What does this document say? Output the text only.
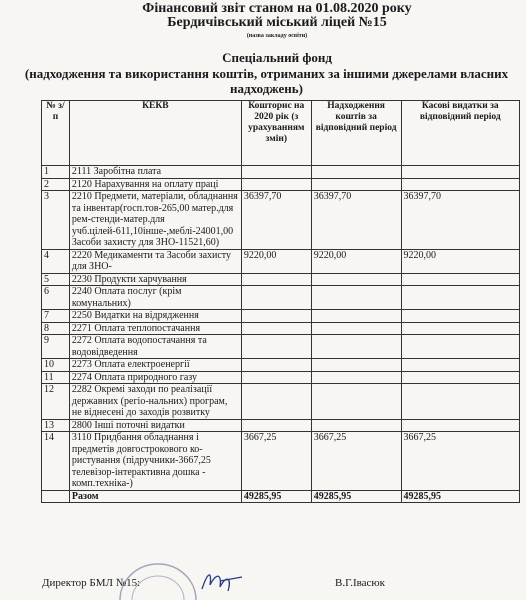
Фінансовий звіт станом на 01.08.2020 року
Бердичівський міський ліцей №15
(назва закладу освіти)
Спеціальний фонд
(надходження та використання коштів, отриманих за іншими джерелами власних надходжень)
№ з/п	КЕКВ	Кошторис на 2020 рік (з урахуванням змін)	Надходження коштів за відповідний період	Касові видатки за відповідний період
1	2111 Заробітна плата			
2	2120 Нарахування на оплату праці			
3	2210 Предмети, матеріали, обладнання та інвентар(госп.тов-265,00 матер.для рем-стенди-матер.для учб.цілей-611,10інше-,меблі-24001,00 Засоби захисту для ЗНО-11521,60)	36397,70	36397,70	36397,70
4	2220 Медикаменти та Засоби захисту для ЗНО-	9220,00	9220,00	9220,00
5	2230 Продукти харчування			
6	2240 Оплата послуг (крім комунальних)			
7	2250 Видатки на відрядження			
8	2271 Оплата теплопостачання			
9	2272 Оплата водопостачання та водовідведення			
10	2273 Оплата електроенергії			
11	2274 Оплата природного газу			
12	2282 Окремі заходи по реалізації державних (регіо-нальних) програм, не віднесені до заходів розвитку			
13	2800 Інші поточні видатки			
14	3110 Придбання обладнання і предметів довгострокового ко-ристування (підручники-3667,25 телевізор-інтерактивна дошка - комп.техніка-)	3667,25	3667,25	3667,25
	Разом	49285,95	49285,95	49285,95
Директор БМЛ №15:	В.Г.Івасюк
